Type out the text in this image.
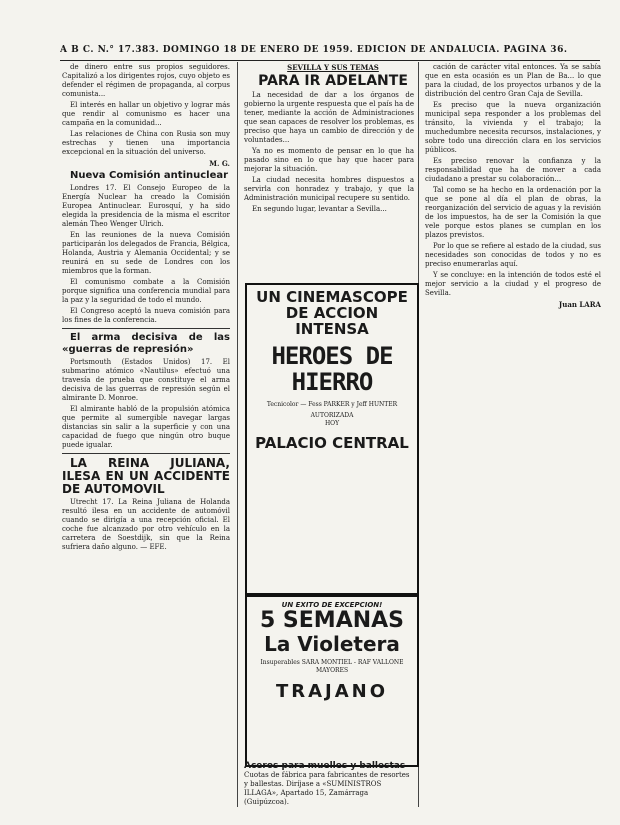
A B C. N.° 17.383. DOMINGO 18 DE ENERO DE 1959. EDICION DE ANDALUCIA. PAGINA 36.

de dinero entre sus propios seguidores. Capitalizó a los dirigentes rojos, cuyo objeto es defender el régimen de propaganda, al corpus comunista...

El interés en hallar un objetivo y lograr más que rendir al comunismo es hacer una campaña en la comunidad...

Las relaciones de China con Rusia son muy estrechas y tienen una importancia excepcional en la situación del universo.

M. G.

Nueva Comisión antinuclear

Londres 17. El Consejo Europeo de la Energía Nuclear ha creado la Comisión Europea Antinuclear. Eurosquí, y ha sido elegida la presidencia de la misma el escritor alemán Theo Wenger Ulrich.

En las reuniones de la nueva Comisión participarán los delegados de Francia, Bélgica, Holanda, Austria y Alemania Occidental; y se reunirá en su sede de Londres con los miembros que la forman.

El comunismo combate a la Comisión porque significa una conferencia mundial para la paz y la seguridad de todo el mundo.

El Congreso aceptó la nueva comisión para los fines de la conferencia.

El arma decisiva de las «guerras de represión»

Portsmouth (Estados Unidos) 17. El submarino atómico «Nautilus» efectuó una travesía de prueba que constituye el arma decisiva de las guerras de represión según el almirante D. Monroe.

El almirante habló de la propulsión atómica que permite al sumergible navegar largas distancias sin salir a la superficie y con una capacidad de fuego que ningún otro buque puede igualar.

LA REINA JULIANA, ILESA EN UN ACCIDENTE DE AUTOMOVIL

Utrecht 17. La Reina Juliana de Holanda resultó ilesa en un accidente de automóvil cuando se dirigía a una recepción oficial. El coche fue alcanzado por otro vehículo en la carretera de Soestdijk, sin que la Reina sufriera daño alguno. — EFE.

SEVILLA Y SUS TEMAS

PARA IR ADELANTE

La necesidad de dar a los órganos de gobierno la urgente respuesta que el país ha de tener, mediante la acción de Administraciones que sean capaces de resolver los problemas, es preciso que haya un cambio de dirección y de voluntades...

Ya no es momento de pensar en lo que ha pasado sino en lo que hay que hacer para mejorar la situación.

La ciudad necesita hombres dispuestos a servirla con honradez y trabajo, y que la Administración municipal recupere su sentido.

En segundo lugar, levantar a Sevilla...

UN CINEMASCOPE
DE ACCION INTENSA
HEROES DE HIERRO
Tecnicolor — Fess PARKER y Jeff HUNTER
AUTORIZADA
HOY
PALACIO CENTRAL
UN EXITO DE EXCEPCION!
5 SEMANAS
La Violetera
Insuperables SARA MONTIEL - RAF VALLONE
MAYORES
TRAJANO
Aceros para muelles y ballestas
Cuotas de fábrica para fabricantes de resortes y ballestas. Diríjase a «SUMINISTROS ILLAGA», Apartado 15, Zamárraga (Guipúzcoa).

cación de carácter vital entonces. Ya se sabía que en esta ocasión es un Plan de Ba... lo que para la ciudad, de los proyectos urbanos y de la distribución del centro Gran Caja de Sevilla.

Es preciso que la nueva organización municipal sepa responder a los problemas del tránsito, la vivienda y el trabajo; la muchedumbre necesita recursos, instalaciones, y sobre todo una dirección clara en los servicios públicos.

Es preciso renovar la confianza y la responsabilidad que ha de mover a cada ciudadano a prestar su colaboración...

Tal como se ha hecho en la ordenación por la que se pone al día el plan de obras, la reorganización del servicio de aguas y la revisión de los impuestos, ha de ser la Comisión la que vele porque estos planes se cumplan en los plazos previstos.

Por lo que se refiere al estado de la ciudad, sus necesidades son conocidas de todos y no es preciso enumerarlas aquí.

Y se concluye: en la intención de todos esté el mejor servicio a la ciudad y el progreso de Sevilla.

Juan LARA
